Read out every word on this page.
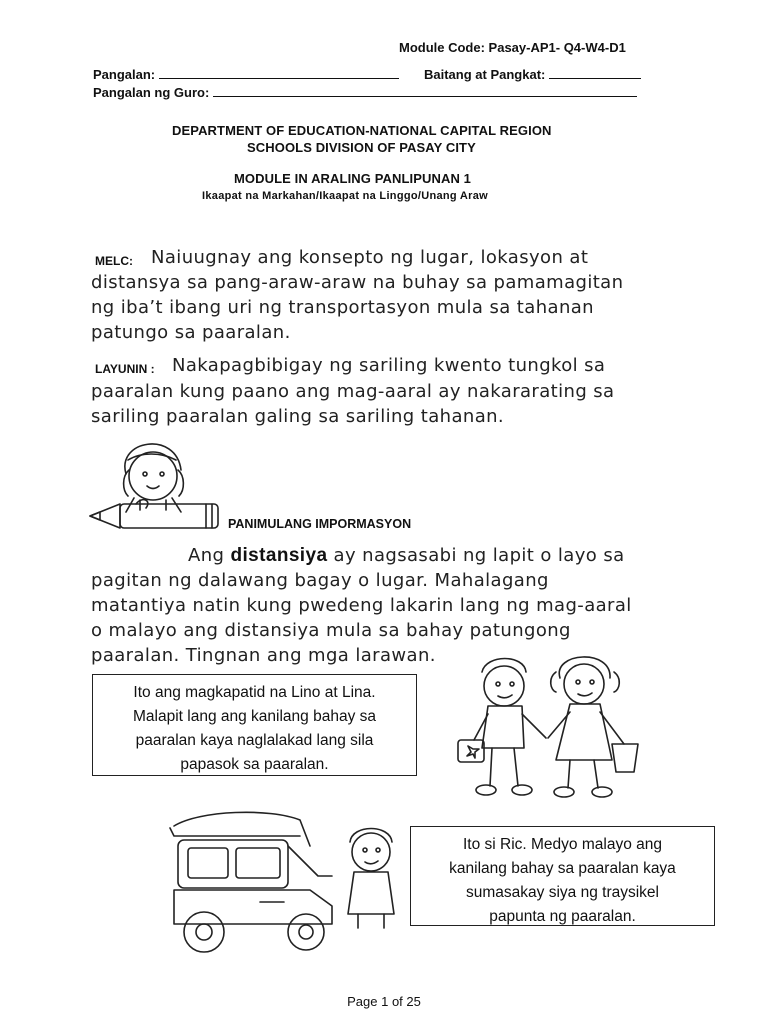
Module Code: Pasay-AP1- Q4-W4-D1
Pangalan:	Baitang at Pangkat:
Pangalan ng Guro:
DEPARTMENT OF EDUCATION-NATIONAL CAPITAL REGION
SCHOOLS DIVISION OF PASAY CITY
MODULE IN ARALING PANLIPUNAN 1
Ikaapat na Markahan/Ikaapat na Linggo/Unang Araw
MELC: Naiuugnay ang konsepto ng lugar, lokasyon at
distansya sa pang-araw-araw na buhay sa pamamagitan
ng iba’t ibang uri ng transportasyon mula sa tahanan
patungo sa paaralan.
LAYUNIN : Nakapagbibigay ng sariling kwento tungkol sa
paaralan kung paano ang mag-aaral ay nakararating sa
sariling paaralan galing sa sariling tahanan.
PANIMULANG IMPORMASYON
Ang distansiya ay nagsasabi ng lapit o layo sa
pagitan ng dalawang bagay o lugar. Mahalagang
matantiya natin kung pwedeng lakarin lang ng mag-aaral
o malayo ang distansiya mula sa bahay patungong
paaralan. Tingnan ang mga larawan.
Ito ang magkapatid na Lino at Lina.
Malapit lang ang kanilang bahay sa
paaralan kaya naglalakad lang sila
papasok sa paaralan.
Ito si Ric. Medyo malayo ang
kanilang bahay sa paaralan kaya
sumasakay siya ng traysikel
papunta ng paaralan.
Page 1 of 25
